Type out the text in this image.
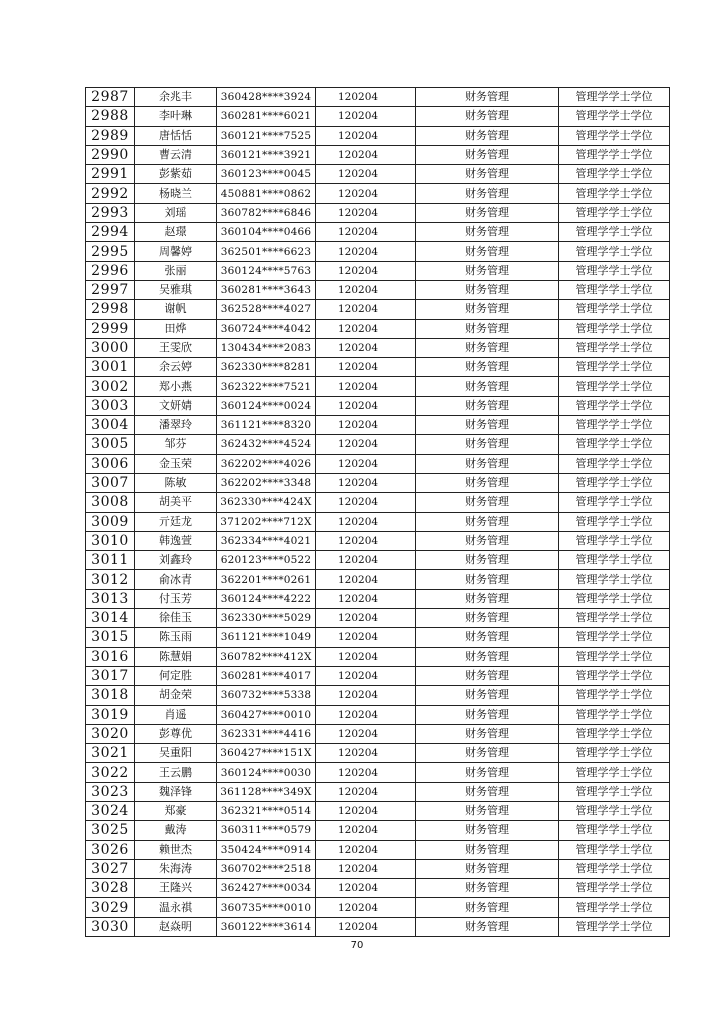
2987	余兆丰	360428****3924	120204	财务管理	管理学学士学位
2988	李叶琳	360281****6021	120204	财务管理	管理学学士学位
2989	唐恬恬	360121****7525	120204	财务管理	管理学学士学位
2990	曹云清	360121****3921	120204	财务管理	管理学学士学位
2991	彭紫茹	360123****0045	120204	财务管理	管理学学士学位
2992	杨晓兰	450881****0862	120204	财务管理	管理学学士学位
2993	刘瑶	360782****6846	120204	财务管理	管理学学士学位
2994	赵璟	360104****0466	120204	财务管理	管理学学士学位
2995	周馨婷	362501****6623	120204	财务管理	管理学学士学位
2996	张丽	360124****5763	120204	财务管理	管理学学士学位
2997	吴雅琪	360281****3643	120204	财务管理	管理学学士学位
2998	谢帆	362528****4027	120204	财务管理	管理学学士学位
2999	田烨	360724****4042	120204	财务管理	管理学学士学位
3000	王雯欣	130434****2083	120204	财务管理	管理学学士学位
3001	余云婷	362330****8281	120204	财务管理	管理学学士学位
3002	郑小燕	362322****7521	120204	财务管理	管理学学士学位
3003	文妍婧	360124****0024	120204	财务管理	管理学学士学位
3004	潘翠玲	361121****8320	120204	财务管理	管理学学士学位
3005	邹芬	362432****4524	120204	财务管理	管理学学士学位
3006	金玉荣	362202****4026	120204	财务管理	管理学学士学位
3007	陈敏	362202****3348	120204	财务管理	管理学学士学位
3008	胡美平	362330****424X	120204	财务管理	管理学学士学位
3009	亓廷龙	371202****712X	120204	财务管理	管理学学士学位
3010	韩逸萱	362334****4021	120204	财务管理	管理学学士学位
3011	刘鑫玲	620123****0522	120204	财务管理	管理学学士学位
3012	俞冰青	362201****0261	120204	财务管理	管理学学士学位
3013	付玉芳	360124****4222	120204	财务管理	管理学学士学位
3014	徐佳玉	362330****5029	120204	财务管理	管理学学士学位
3015	陈玉雨	361121****1049	120204	财务管理	管理学学士学位
3016	陈慧娟	360782****412X	120204	财务管理	管理学学士学位
3017	何定胜	360281****4017	120204	财务管理	管理学学士学位
3018	胡金荣	360732****5338	120204	财务管理	管理学学士学位
3019	肖遥	360427****0010	120204	财务管理	管理学学士学位
3020	彭尊优	362331****4416	120204	财务管理	管理学学士学位
3021	吴重阳	360427****151X	120204	财务管理	管理学学士学位
3022	王云鹏	360124****0030	120204	财务管理	管理学学士学位
3023	魏泽锋	361128****349X	120204	财务管理	管理学学士学位
3024	郑豪	362321****0514	120204	财务管理	管理学学士学位
3025	戴涛	360311****0579	120204	财务管理	管理学学士学位
3026	赖世杰	350424****0914	120204	财务管理	管理学学士学位
3027	朱海涛	360702****2518	120204	财务管理	管理学学士学位
3028	王隆兴	362427****0034	120204	财务管理	管理学学士学位
3029	温永祺	360735****0010	120204	财务管理	管理学学士学位
3030	赵焱明	360122****3614	120204	财务管理	管理学学士学位
70
